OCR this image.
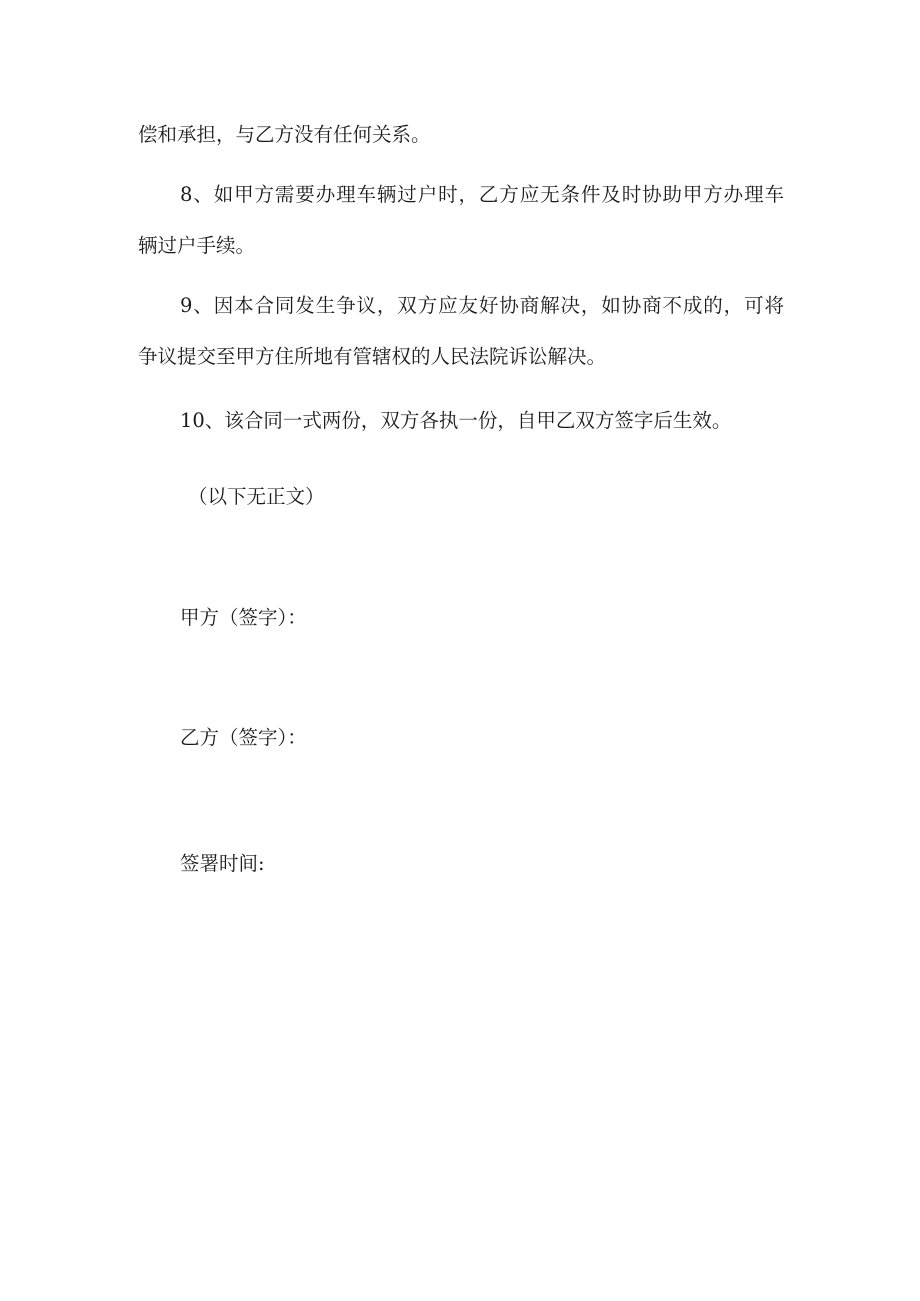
偿和承担，与乙方没有任何关系。
8、如甲方需要办理车辆过户时，乙方应无条件及时协助甲方办理车
辆过户手续。
9、因本合同发生争议，双方应友好协商解决，如协商不成的，可将
争议提交至甲方住所地有管辖权的人民法院诉讼解决。
10、该合同一式两份，双方各执一份，自甲乙双方签字后生效。
（以下无正文）
甲方（签字）：
乙方（签字）：
签署时间:
